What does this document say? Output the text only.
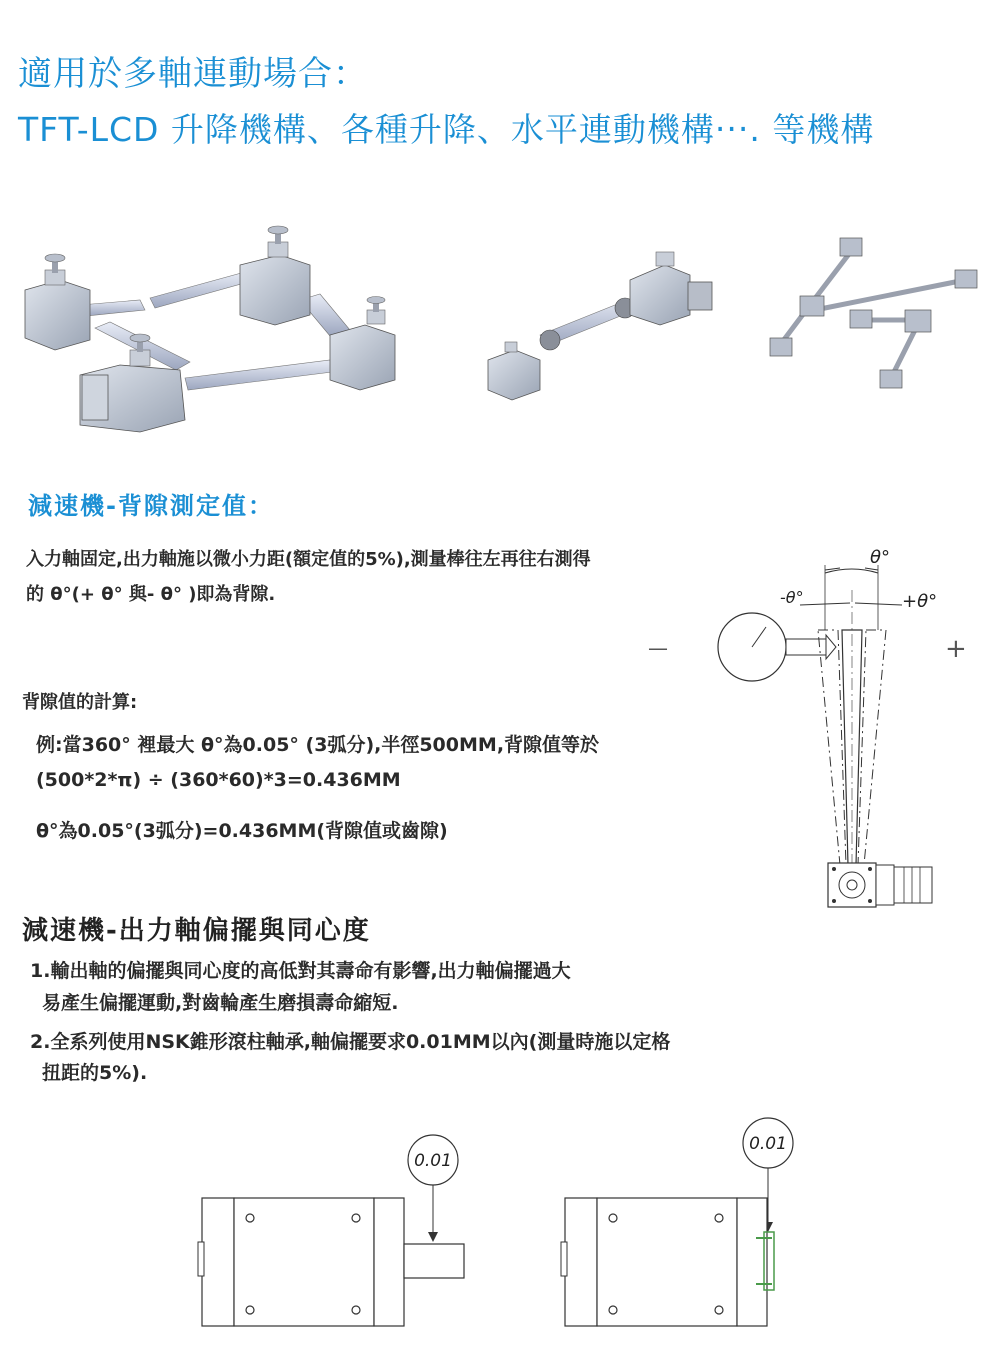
適用於多軸連動場合：
TFT-LCD 升降機構、各種升降、水平連動機構‧‧‧. 等機構
減速機-背隙測定值：
入力軸固定,出力軸施以微小力距(額定值的5%),測量棒往左再往右測得
的 θ°(+ θ° 與- θ° )即為背隙.
背隙值的計算:
例:當360° 裡最大 θ°為0.05° (3弧分),半徑500MM,背隙值等於
(500*2*π) ÷ (360*60)*3=0.436MM
θ°為0.05°(3弧分)=0.436MM(背隙值或齒隙)
θ°
-θ°	+θ°
—	+
減速機-出力軸偏擺與同心度
1.輸出軸的偏擺與同心度的高低對其壽命有影響,出力軸偏擺過大
易產生偏擺運動,對齒輪產生磨損壽命縮短.
2.全系列使用NSK錐形滾柱軸承,軸偏擺要求0.01MM以內(測量時施以定格
扭距的5%).
0.01
0.01
